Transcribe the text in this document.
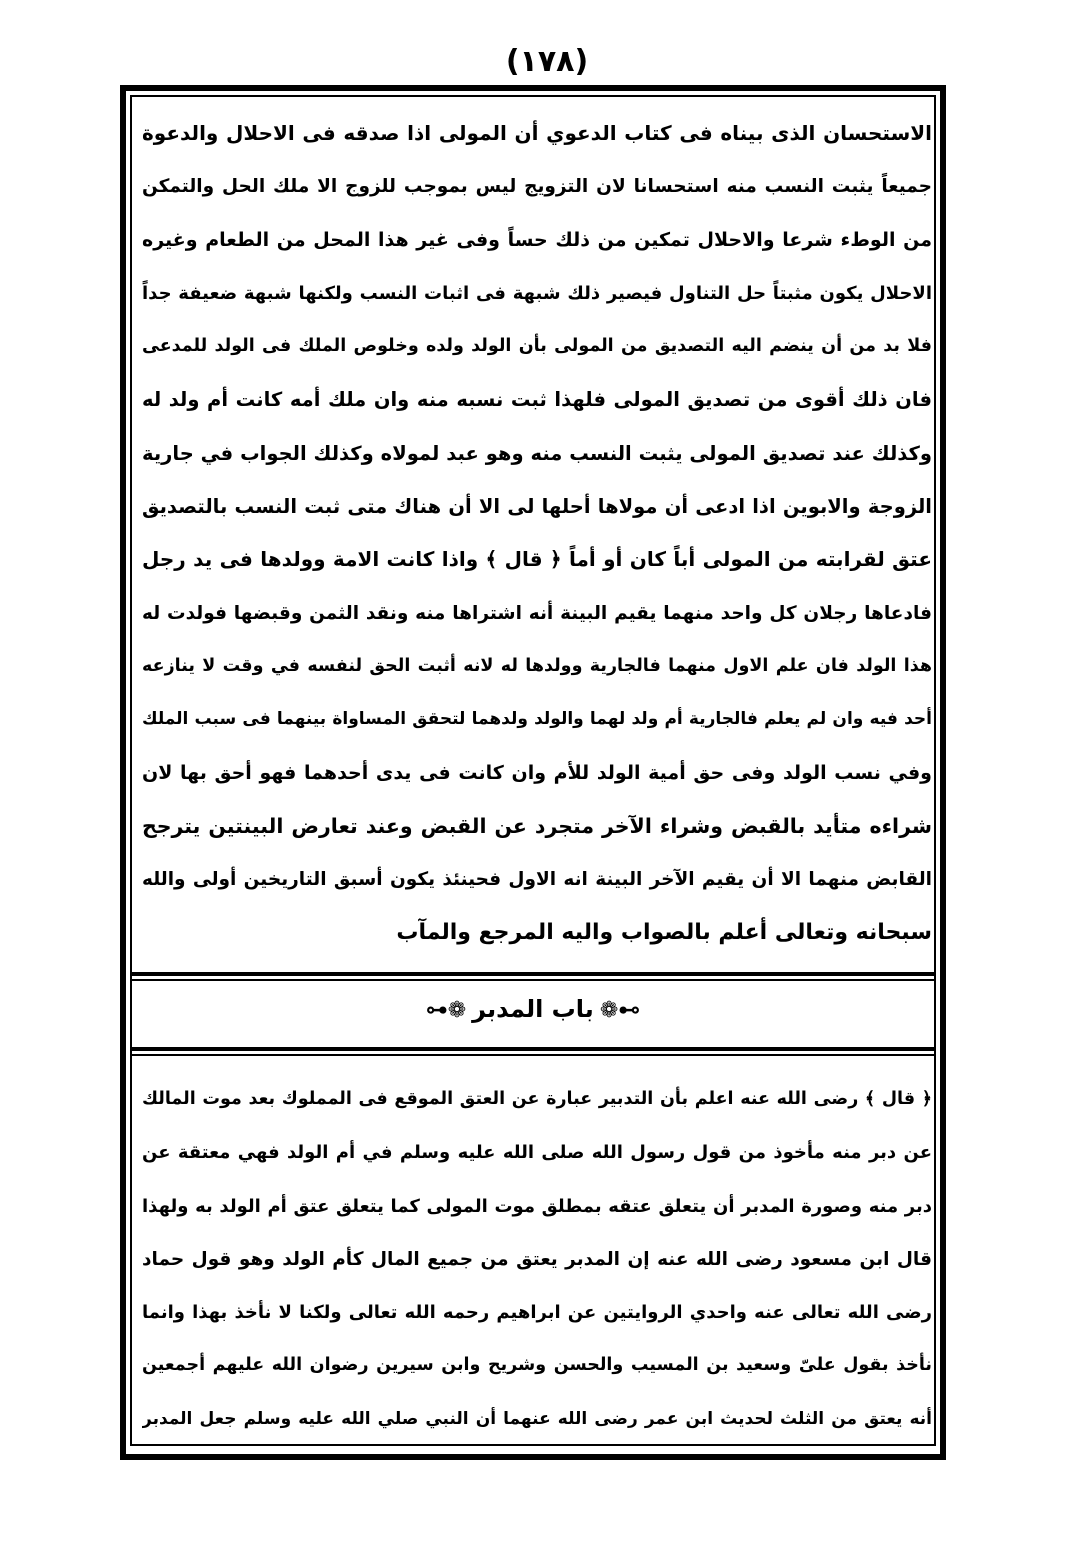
(١٧٨)
الاستحسان الذى بيناه فى كتاب الدعوي أن المولى اذا صدقه فى الاحلال والدعوة
جميعاً يثبت النسب منه استحسانا لان التزويج ليس بموجب للزوج الا ملك الحل والتمكن
من الوطء شرعا والاحلال تمكين من ذلك حساً وفى غير هذا المحل من الطعام وغيره
الاحلال يكون مثبتاً حل التناول فيصير ذلك شبهة فى اثبات النسب ولكنها شبهة ضعيفة جداً
فلا بد من أن ينضم اليه التصديق من المولى بأن الولد ولده وخلوص الملك فى الولد للمدعى
فان ذلك أقوى من تصديق المولى فلهذا ثبت نسبه منه وان ملك أمه كانت أم ولد له
وكذلك عند تصديق المولى يثبت النسب منه وهو عبد لمولاه وكذلك الجواب في جارية
الزوجة والابوين اذا ادعى أن مولاها أحلها لى الا أن هناك متى ثبت النسب بالتصديق
عتق لقرابته من المولى أباً كان أو أماً ﴿ قال ﴾ واذا كانت الامة وولدها فى يد رجل
فادعاها رجلان كل واحد منهما يقيم البينة أنه اشتراها منه ونقد الثمن وقبضها فولدت له
هذا الولد فان علم الاول منهما فالجارية وولدها له لانه أثبت الحق لنفسه في وقت لا ينازعه
أحد فيه وان لم يعلم فالجارية أم ولد لهما والولد ولدهما لتحقق المساواة بينهما فى سبب الملك
وفي نسب الولد وفى حق أمية الولد للأم وان كانت فى يدى أحدهما فهو أحق بها لان
شراءه متأيد بالقبض وشراء الآخر متجرد عن القبض وعند تعارض البينتين يترجح
القابض منهما الا أن يقيم الآخر البينة انه الاول فحينئذ يكون أسبق التاريخين أولى والله
سبحانه وتعالى أعلم بالصواب واليه المرجع والمآب
⊶❁باب المدبر❁⊷
﴿ قال ﴾ رضى الله عنه اعلم بأن التدبير عبارة عن العتق الموقع فى المملوك بعد موت المالك
عن دبر منه مأخوذ من قول رسول الله صلى الله عليه وسلم في أم الولد فهي معتقة عن
دبر منه وصورة المدبر أن يتعلق عتقه بمطلق موت المولى كما يتعلق عتق أم الولد به ولهذا
قال ابن مسعود رضى الله عنه إن المدبر يعتق من جميع المال كأم الولد وهو قول حماد
رضى الله تعالى عنه واحدي الروايتين عن ابراهيم رحمه الله تعالى ولكنا لا نأخذ بهذا وانما
نأخذ بقول علىّ وسعيد بن المسيب والحسن وشريح وابن سيرين رضوان الله عليهم أجمعين
أنه يعتق من الثلث لحديث ابن عمر رضى الله عنهما أن النبي صلي الله عليه وسلم جعل المدبر
